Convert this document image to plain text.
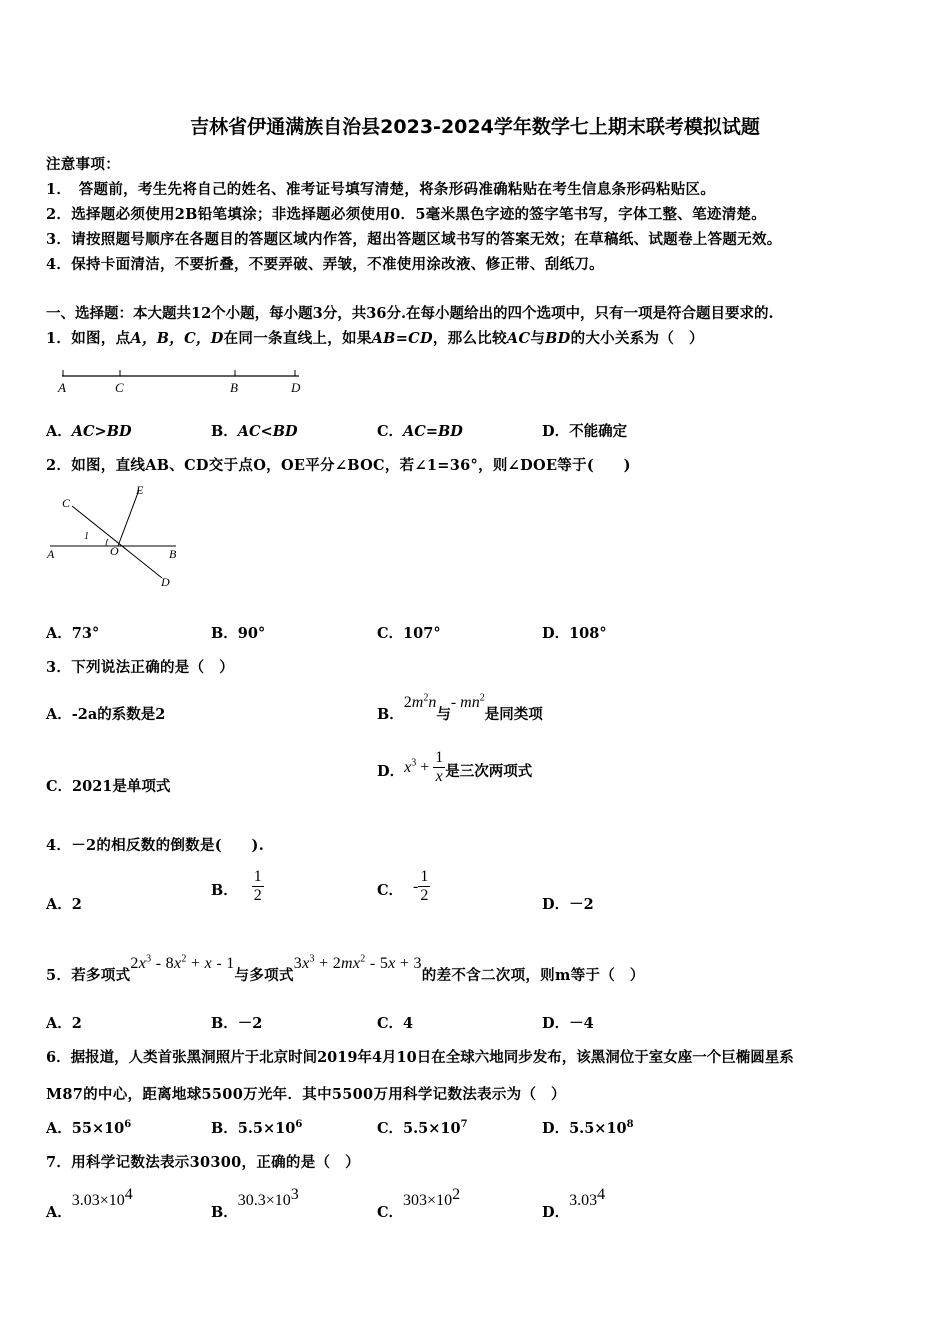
吉林省伊通满族自治县2023-2024学年数学七上期末联考模拟试题
注意事项：
1．　答题前，考生先将自己的姓名、准考证号填写清楚，将条形码准确粘贴在考生信息条形码粘贴区。
2．选择题必须使用2B铅笔填涂；非选择题必须使用0．5毫米黑色字迹的签字笔书写，字体工整、笔迹清楚。
3．请按照题号顺序在各题目的答题区域内作答，超出答题区域书写的答案无效；在草稿纸、试题卷上答题无效。
4．保持卡面清洁，不要折叠，不要弄破、弄皱，不准使用涂改液、修正带、刮纸刀。
一、选择题：本大题共12个小题，每小题3分，共36分.在每小题给出的四个选项中，只有一项是符合题目要求的.
1．如图，点A，B，C，D在同一条直线上，如果AB=CD，那么比较AC与BD的大小关系为（　）
A	C	B	D
A．AC>BD	B．AC<BD	C．AC=BD	D．不能确定
2．如图，直线AB、CD交于点O，OE平分∠BOC，若∠1=36°，则∠DOE等于(　　)
C
E
1
A	O	B
D
A．73°	B．90°	C．107°	D．108°
3．下列说法正确的是（　）
A．-2a的系数是2	B．$2m^2n$与- $mn^2$是同类项
C．2021是单项式
D．$x^3 + \frac{1}{x}$ 是三次两项式
4．－2的相反数的倒数是(　　).
A．2
B． $\frac{1}{2}$	C． - $\frac{1}{2}$	D．－2
5．若多项式$2x^3 - 8x^2 + x - 1$与多项式$3x^3 + 2mx^2 - 5x + 3$的差不含二次项，则m等于（　）
A．2	B．－2	C．4	D．－4
6．据报道，人类首张黑洞照片于北京时间2019年4月10日在全球六地同步发布，该黑洞位于室女座一个巨椭圆星系
M87的中心，距离地球5500万光年．其中5500万用科学记数法表示为（　）
A．$55\times 10^6$	B．$5.5\times 10^6$	C．$5.5\times 10^7$	D．$5.5\times 10^8$
7．用科学记数法表示30300，正确的是（　）
A．$3.03\times 10^4$
B．$30.3\times 10^3$
C．$303\times 10^2$
D．3.03$^4$
